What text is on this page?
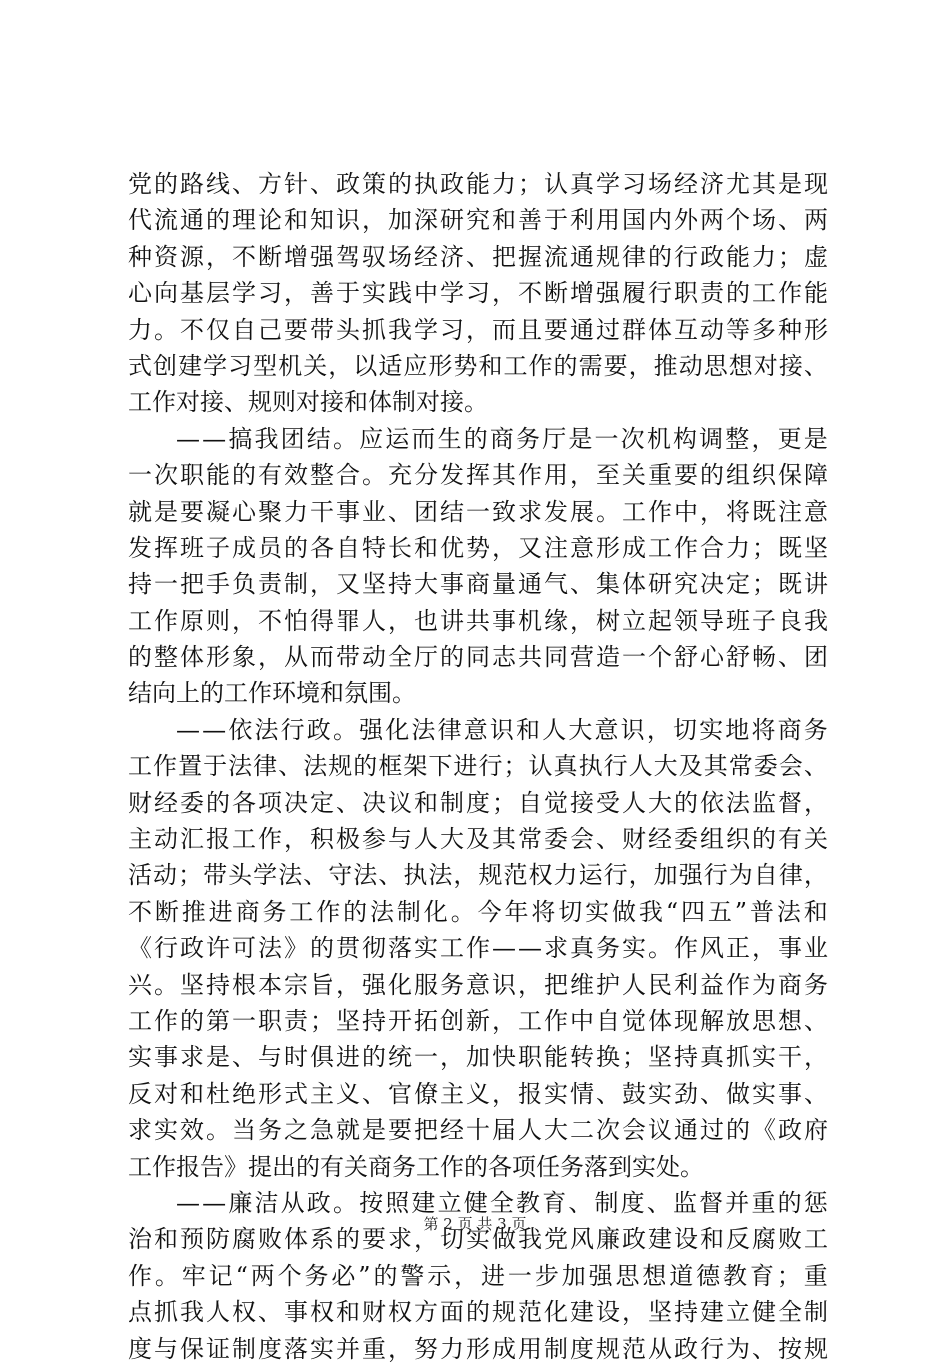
党 的 路 线 、 方 针 、 政 策 的 执 政 能 力 ； 认 真 学 习 场 经 济 尤 其 是 现
代 流 通 的 理 论 和 知 识 ， 加 深 研 究 和 善 于 利 用 国 内 外 两 个 场 、 两
种 资 源 ， 不 断 增 强 驾 驭 场 经 济 、 把 握 流 通 规 律 的 行 政 能 力 ； 虚
心 向 基 层 学 习 ， 善 于 实 践 中 学 习 ， 不 断 增 强 履 行 职 责 的 工 作 能
力 。 不 仅 自 己 要 带 头 抓 我 学 习 ， 而 且 要 通 过 群 体 互 动 等 多 种 形
式 创 建 学 习 型 机 关 ， 以 适 应 形 势 和 工 作 的 需 要 ， 推 动 思 想 对 接 、
工作对接、规则对接和体制对接。
— — 搞 我 团 结 。 应 运 而 生 的 商 务 厅 是 一 次 机 构 调 整 ， 更 是
一 次 职 能 的 有 效 整 合 。 充 分 发 挥 其 作 用 ， 至 关 重 要 的 组 织 保 障
就 是 要 凝 心 聚 力 干 事 业 、 团 结 一 致 求 发 展 。 工 作 中 ， 将 既 注 意
发 挥 班 子 成 员 的 各 自 特 长 和 优 势 ， 又 注 意 形 成 工 作 合 力 ； 既 坚
持 一 把 手 负 责 制 ， 又 坚 持 大 事 商 量 通 气 、 集 体 研 究 决 定 ； 既 讲
工 作 原 则 ， 不 怕 得 罪 人 ， 也 讲 共 事 机 缘 ， 树 立 起 领 导 班 子 良 我
的 整 体 形 象 ， 从 而 带 动 全 厅 的 同 志 共 同 营 造 一 个 舒 心 舒 畅 、 团
结向上的工作环境和氛围。
— — 依 法 行 政 。 强 化 法 律 意 识 和 人 大 意 识 ， 切 实 地 将 商 务
工 作 置 于 法 律 、 法 规 的 框 架 下 进 行 ； 认 真 执 行 人 大 及 其 常 委 会 、
财 经 委 的 各 项 决 定 、 决 议 和 制 度 ； 自 觉 接 受 人 大 的 依 法 监 督 ，
主 动 汇 报 工 作 ， 积 极 参 与 人 大 及 其 常 委 会 、 财 经 委 组 织 的 有 关
活 动 ； 带 头 学 法 、 守 法 、 执 法 ， 规 范 权 力 运 行 ， 加 强 行 为 自 律 ，
不 断 推 进 商 务 工 作 的 法 制 化 。 今 年 将 切 实 做 我 “ 四 五 ” 普 法 和
《 行 政 许 可 法 》 的 贯 彻 落 实 工 作 — — 求 真 务 实 。 作 风 正 ， 事 业
兴 。 坚 持 根 本 宗 旨 ， 强 化 服 务 意 识 ， 把 维 护 人 民 利 益 作 为 商 务
工 作 的 第 一 职 责 ； 坚 持 开 拓 创 新 ， 工 作 中 自 觉 体 现 解 放 思 想 、
实 事 求 是 、 与 时 俱 进 的 统 一 ， 加 快 职 能 转 换 ； 坚 持 真 抓 实 干 ，
反 对 和 杜 绝 形 式 主 义 、 官 僚 主 义 ， 报 实 情 、 鼓 实 劲 、 做 实 事 、
求 实 效 。 当 务 之 急 就 是 要 把 经 十 届 人 大 二 次 会 议 通 过 的 《 政 府
工作报告》提出的有关商务工作的各项任务落到实处。
— — 廉 洁 从 政 。 按 照 建 立 健 全 教 育 、 制 度 、 监 督 并 重 的 惩
治 和 预 防 腐 败 体 系 的 要 求 ， 切 实 做 我 党 风 廉 政 建 设 和 反 腐 败 工
作 。 牢 记 “ 两 个 务 必 ” 的 警 示 ， 进 一 步 加 强 思 想 道 德 教 育 ； 重
点 抓 我 人 权 、 事 权 和 财 权 方 面 的 规 范 化 建 设 ， 坚 持 建 立 健 全 制
度 与 保 证 制 度 落 实 并 重 ， 努 力 形 成 用 制 度 规 范 从 政 行 为 、 按 规
第 2 页 共 3 页
